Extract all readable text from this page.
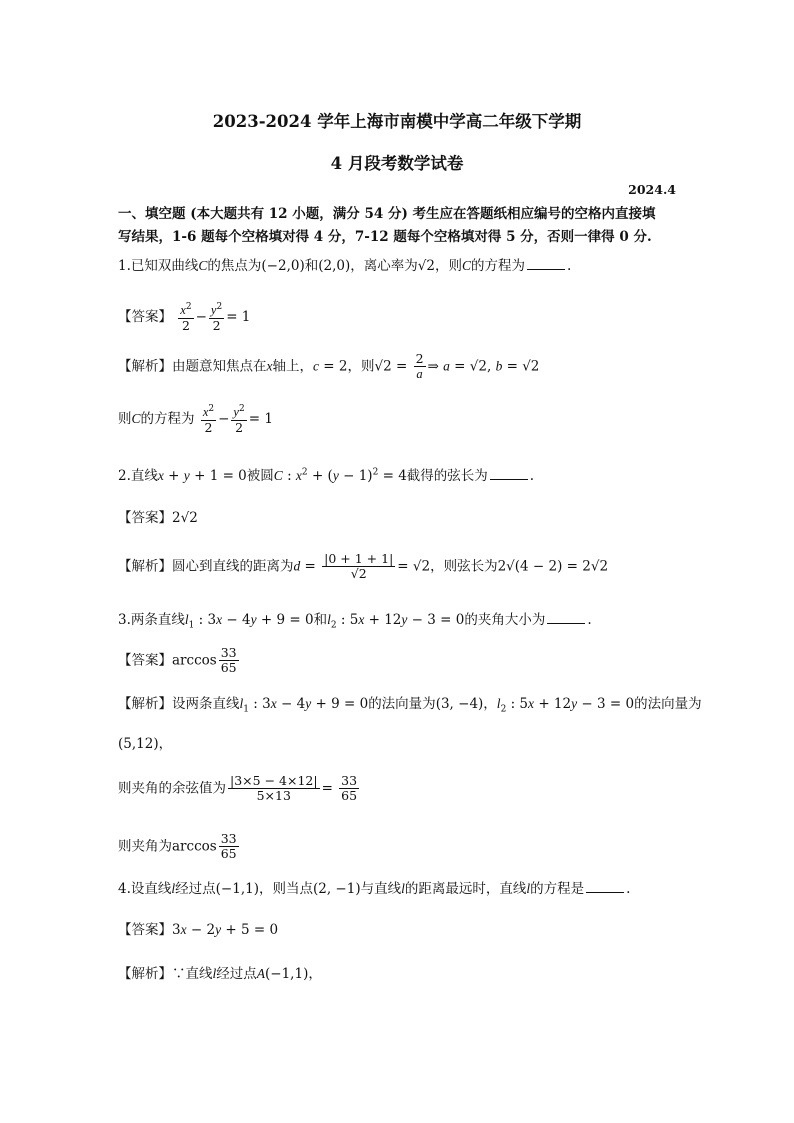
2023-2024 学年上海市南模中学高二年级下学期
4 月段考数学试卷
2024.4
一、填空题 (本大题共有 12 小题，满分 54 分) 考生应在答题纸相应编号的空格内直接填
写结果，1-6 题每个空格填对得 4 分，7-12 题每个空格填对得 5 分，否则一律得 0 分.
1.已知双曲线C的焦点为(−2,0)和(2,0)，离心率为√2，则C的方程为	.
【答案】 $\frac{x^2}{2} - \frac{y^2}{2} = 1$
【解析】由题意知焦点在x轴上，c = 2，则$√2 = \frac{2}{a}$ ⇒ a = √2, b = √2
则C的方程为 $\frac{x^2}{2} - \frac{y^2}{2} = 1$
2.直线x + y + 1 = 0被圆C : $x^2 + (y - 1)^2 = 4$截得的弦长为	.
【答案】2√2
【解析】圆心到直线的距离为$d = \frac{|0 + 1 + 1|}{√2} = √2$，则弦长为2√(4 − 2) = 2√2
3.两条直线$l_1$ : 3x − 4y + 9 = 0和$l_2$ : 5x + 12y − 3 = 0的夹角大小为	.
【答案】$\arccos \frac{33}{65}$
【解析】设两条直线$l_1$ : 3x − 4y + 9 = 0的法向量为(3, −4)，$l_2$ : 5x + 12y − 3 = 0的法向量为
(5,12)，
则夹角的余弦值为 $\frac{|3\times 5 - 4\times 12|}{5\times 13} = \frac{33}{65}$
则夹角为$\arccos \frac{33}{65}$
4.设直线l经过点(−1,1)，则当点(2, −1)与直线l的距离最远时，直线l的方程是	.
【答案】3x − 2y + 5 = 0
【解析】∵直线l经过点A(−1,1)，
